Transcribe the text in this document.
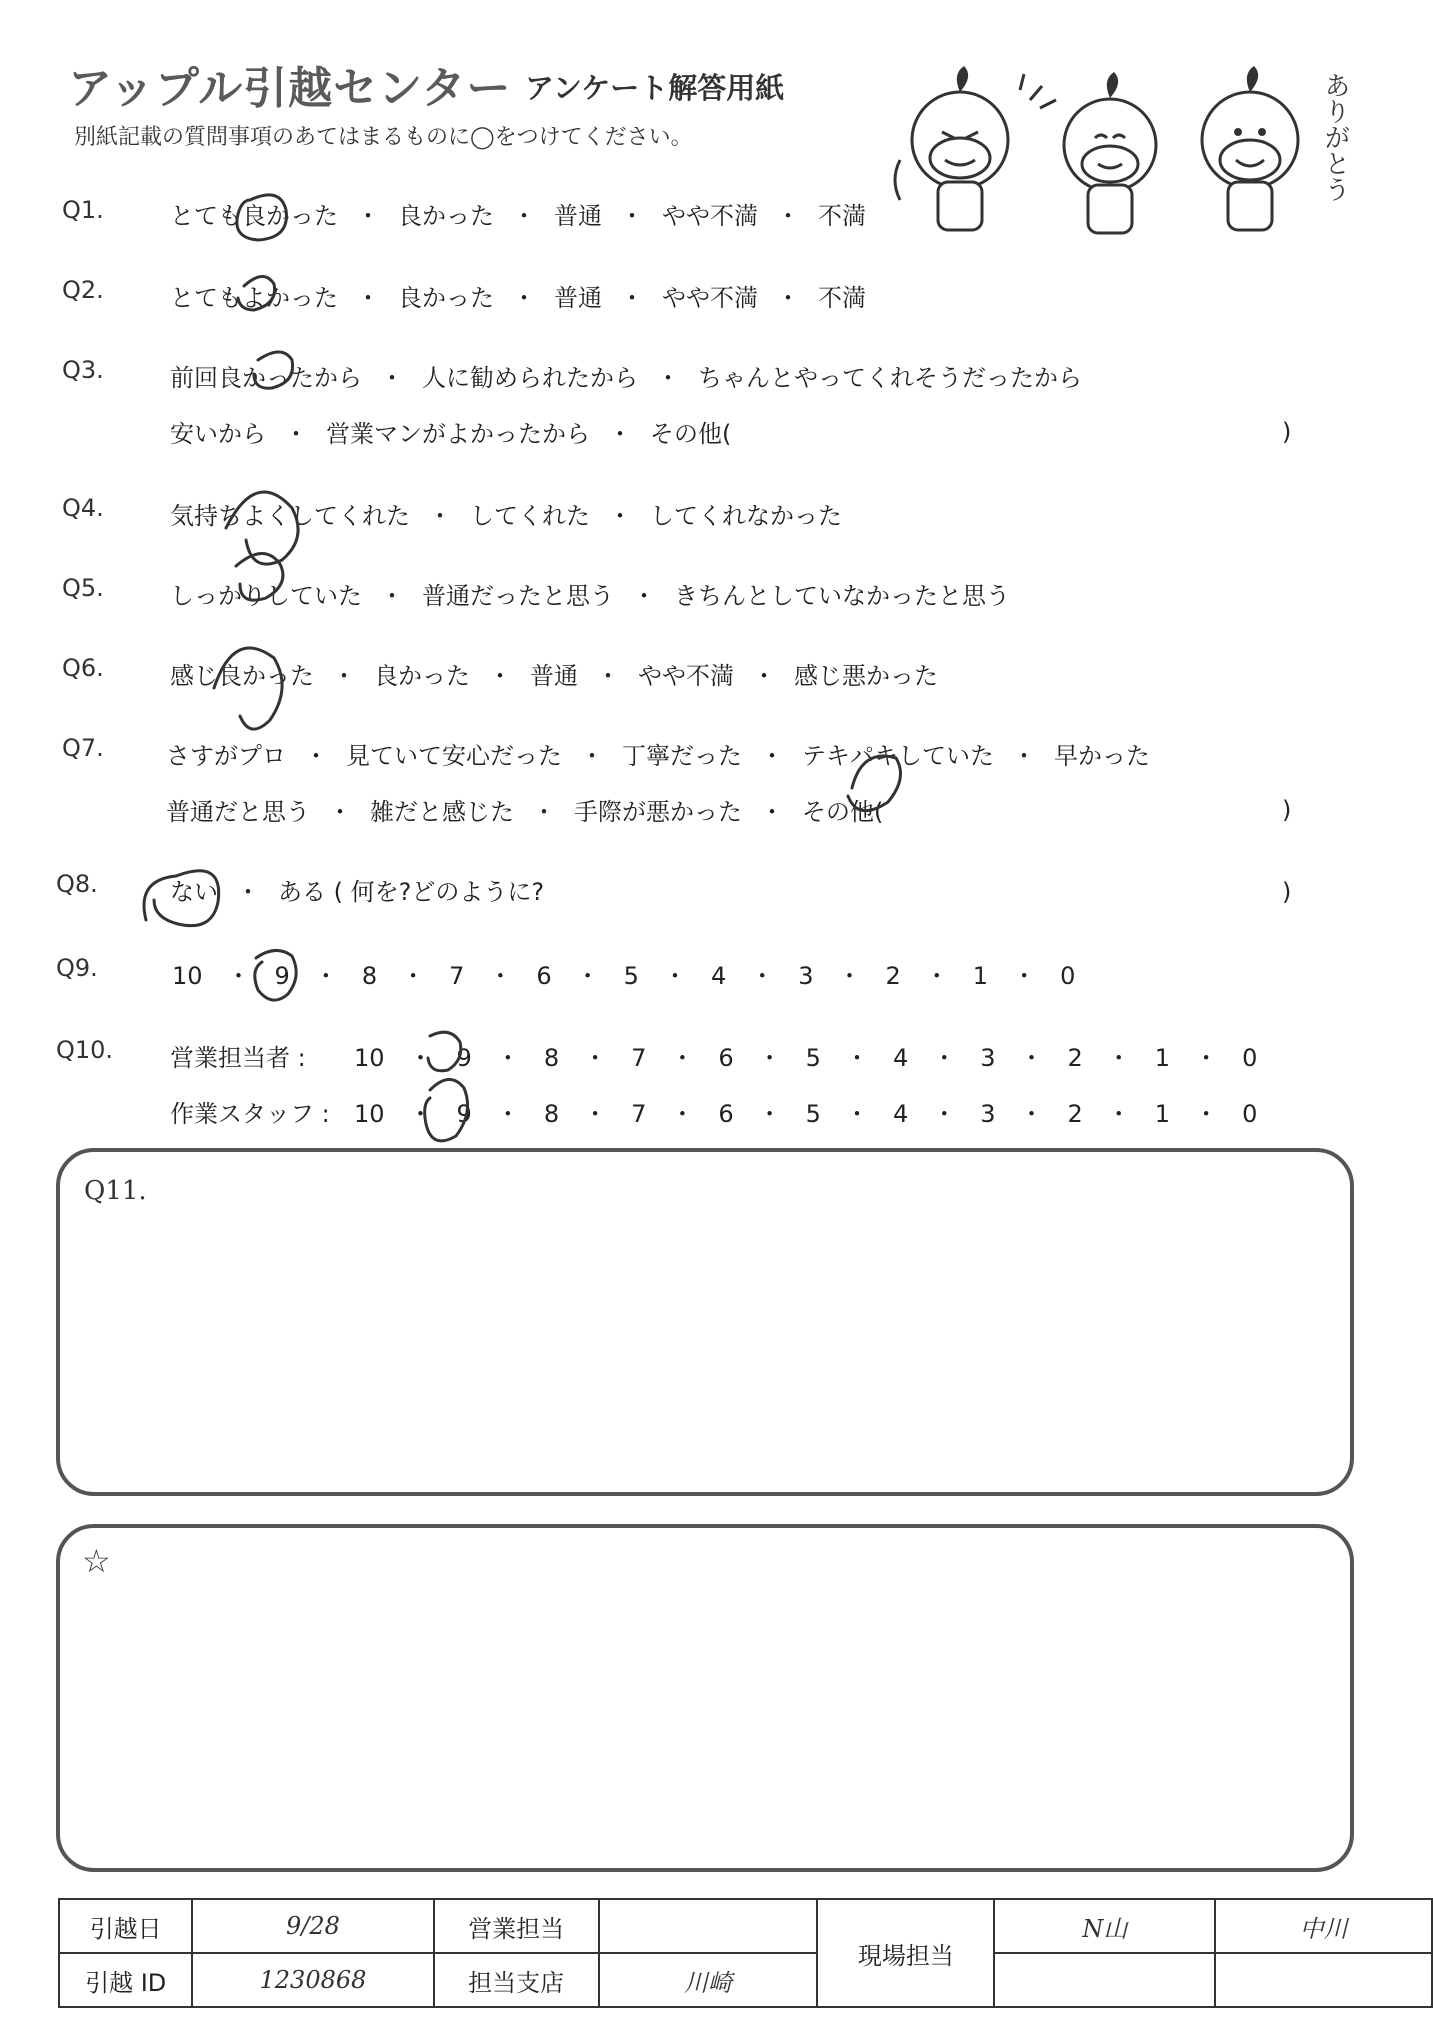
アップル引越センター アンケート解答用紙
別紙記載の質問事項のあてはまるものに◯をつけてください。	ありがとう
Q1.	とても良かった ・ 良かった ・ 普通 ・ やや不満 ・ 不満
Q2.	とてもよかった ・ 良かった ・ 普通 ・ やや不満 ・ 不満
Q3.	前回良かったから ・ 人に勧められたから ・ ちゃんとやってくれそうだったから
安いから ・ 営業マンがよかったから ・ その他(	)
Q4.	気持ちよくしてくれた ・ してくれた ・ してくれなかった
Q5.	しっかりしていた ・ 普通だったと思う ・ きちんとしていなかったと思う
Q6.	感じ良かった ・ 良かった ・ 普通 ・ やや不満 ・ 感じ悪かった
Q7.	さすがプロ ・ 見ていて安心だった ・ 丁寧だった ・ テキパキしていた ・ 早かった
普通だと思う ・ 雑だと感じた ・ 手際が悪かった ・ その他(	)
Q8.	ない ・ ある ( 何を?どのように?	)
Q9.	10 ・ 9 ・ 8 ・ 7 ・ 6 ・ 5 ・ 4 ・ 3 ・ 2 ・ 1 ・ 0
Q10. 営業担当者 : 10 ・ 9 ・ 8 ・ 7 ・ 6 ・ 5 ・ 4 ・ 3 ・ 2 ・ 1 ・ 0
作業スタッフ : 10 ・ 9 ・ 8 ・ 7 ・ 6 ・ 5 ・ 4 ・ 3 ・ 2 ・ 1 ・ 0
Q11.
☆
引越日	9/28	営業担当		現場担当	N山	中川
引越 ID	1230868	担当支店	川崎			
